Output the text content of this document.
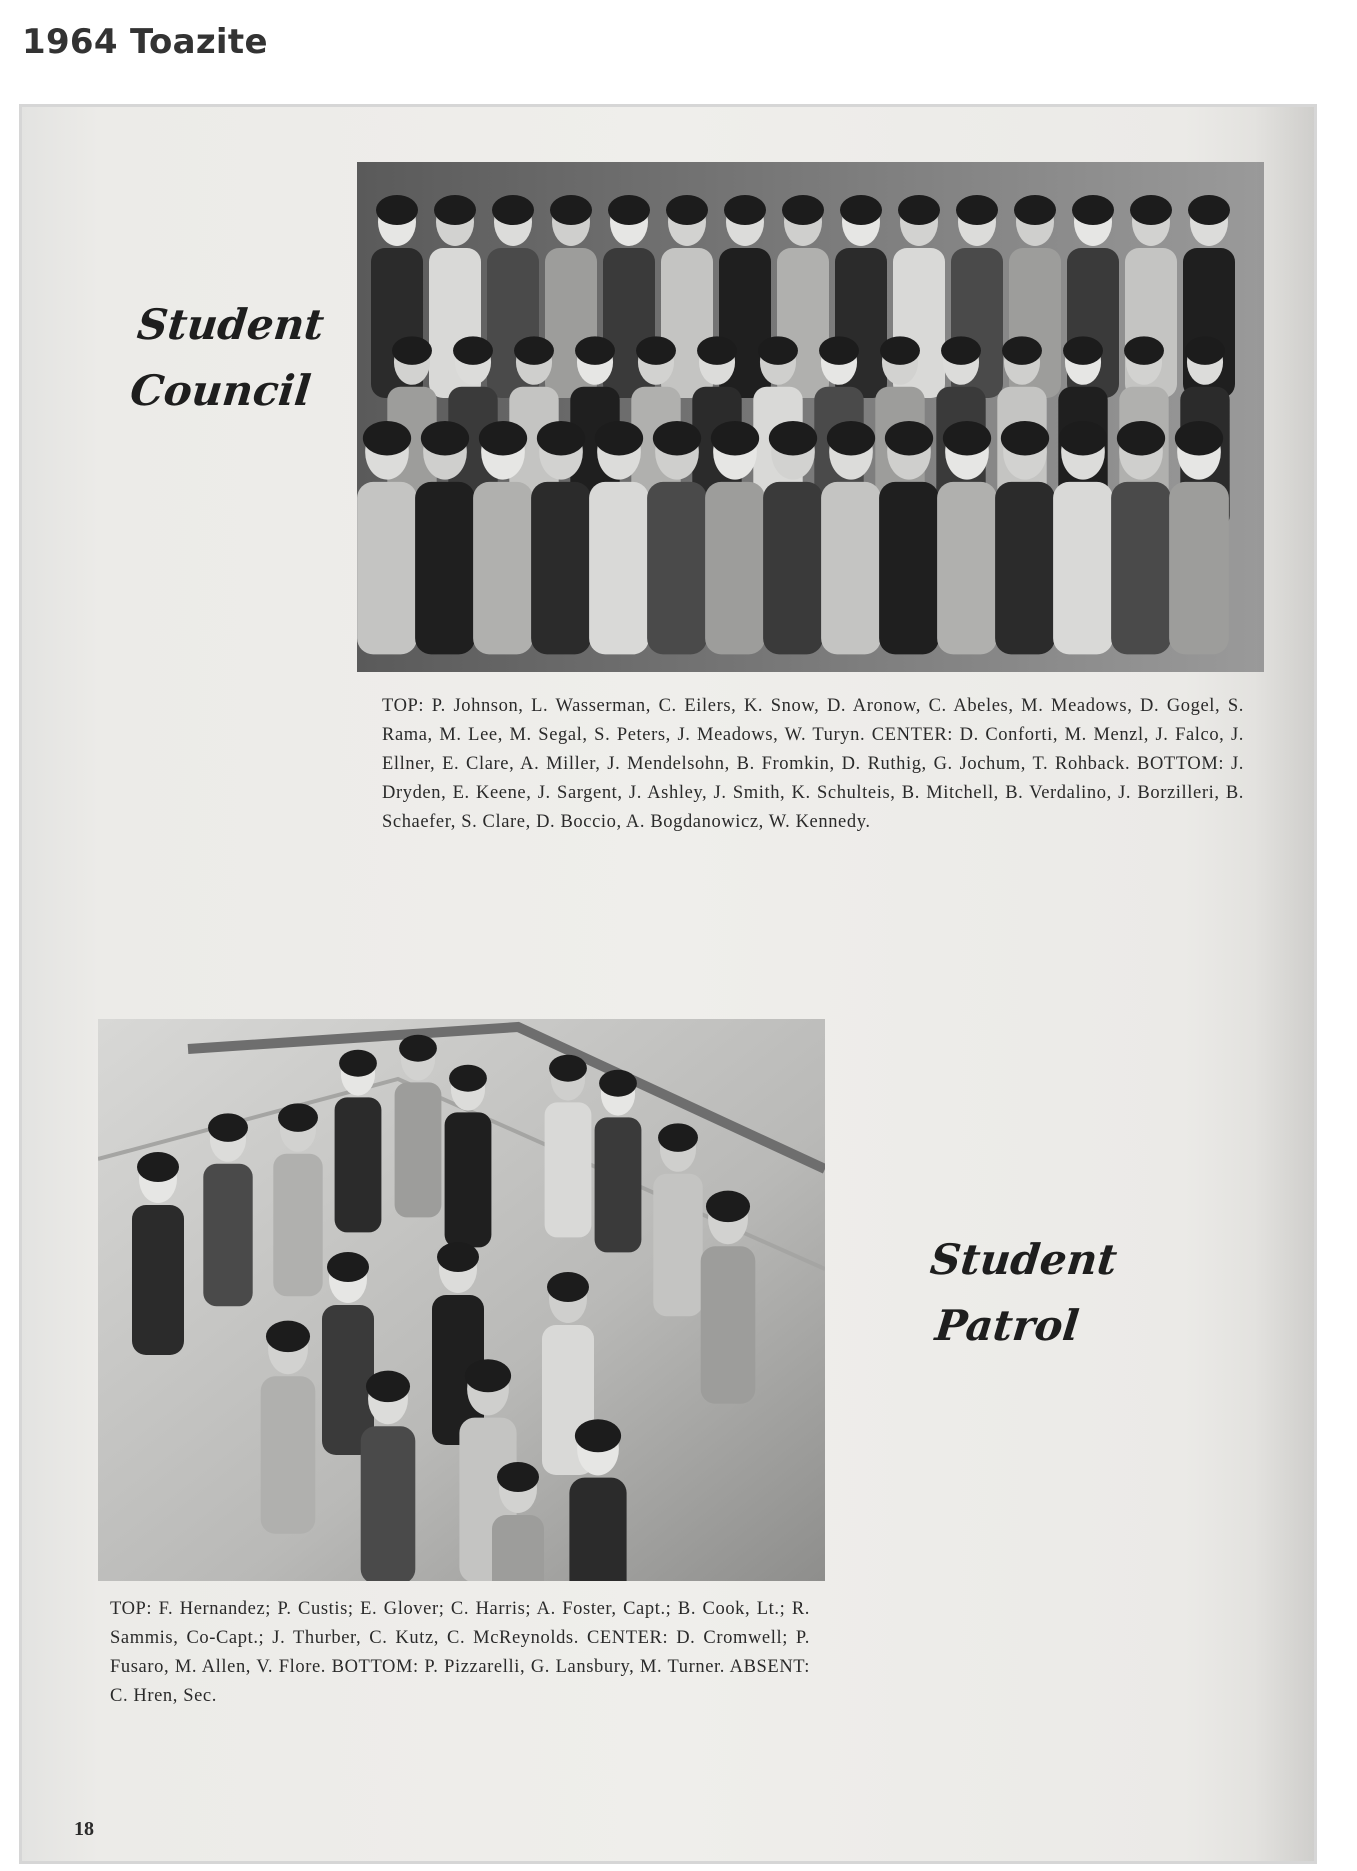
1964 Toazite
Student
Council
TOP: P. Johnson, L. Wasserman, C. Eilers, K. Snow, D. Aronow, C. Abeles, M. Meadows, D. Gogel, S. Rama, M. Lee, M. Segal, S. Peters, J. Meadows, W. Turyn. CENTER: D. Conforti, M. Menzl, J. Falco, J. Ellner, E. Clare, A. Miller, J. Mendelsohn, B. Fromkin, D. Ruthig, G. Jochum, T. Rohback. BOTTOM: J. Dryden, E. Keene, J. Sargent, J. Ashley, J. Smith, K. Schulteis, B. Mitchell, B. Verdalino, J. Borzilleri, B. Schaefer, S. Clare, D. Boccio, A. Bogdanowicz, W. Kennedy.
Student
Patrol
TOP: F. Hernandez; P. Custis; E. Glover; C. Harris; A. Foster, Capt.; B. Cook, Lt.; R. Sammis, Co-Capt.; J. Thurber, C. Kutz, C. McReynolds. CENTER: D. Cromwell; P. Fusaro, M. Allen, V. Flore. BOTTOM: P. Pizzarelli, G. Lansbury, M. Turner. ABSENT: C. Hren, Sec.
18
